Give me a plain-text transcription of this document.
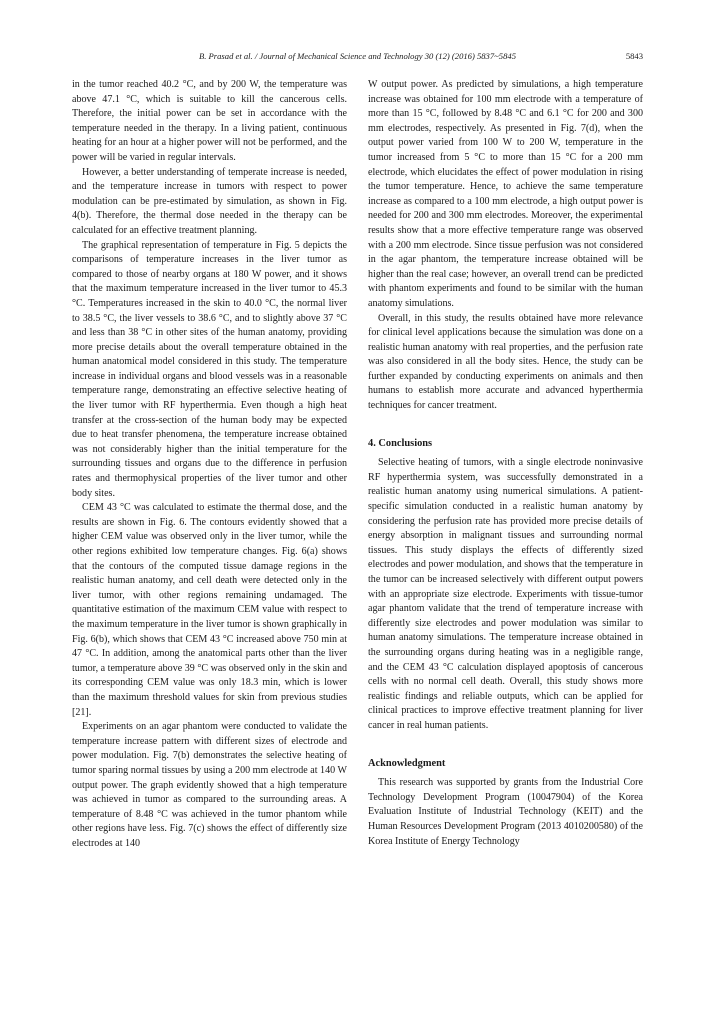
B. Prasad et al. / Journal of Mechanical Science and Technology 30 (12) (2016) 5837~5845	5843

in the tumor reached 40.2 °C, and by 200 W, the temperature was above 47.1 °C, which is suitable to kill the cancerous cells. Therefore, the initial power can be set in accordance with the temperature needed in the therapy. In a living patient, continuous heating for an hour at a higher power will not be performed, and the power will be varied in regular intervals.

However, a better understanding of temperate increase is needed, and the temperature increase in tumors with respect to power modulation can be pre-estimated by simulation, as shown in Fig. 4(b). Therefore, the thermal dose needed in the therapy can be calculated for an effective treatment planning.

The graphical representation of temperature in Fig. 5 depicts the comparisons of temperature increases in the liver tumor as compared to those of nearby organs at 180 W power, and it shows that the maximum temperature increased in the liver tumor to 45.3 °C. Temperatures increased in the skin to 40.0 °C, the normal liver to 38.5 °C, the liver vessels to 38.6 °C, and to slightly above 37 °C and less than 38 °C in other sites of the human anatomy, providing more precise details about the overall temperature obtained in the human anatomical model considered in this study. The temperature increase in individual organs and blood vessels was in a reasonable temperature range, demonstrating an effective selective heating of the liver tumor with RF hyperthermia. Even though a high heat transfer at the cross-section of the human body may be expected due to heat transfer phenomena, the temperature increase obtained was not considerably higher than the initial temperature for the surrounding tissues and organs due to the difference in perfusion rates and thermophysical properties of the liver tumor and other body sites.

CEM 43 °C was calculated to estimate the thermal dose, and the results are shown in Fig. 6. The contours evidently showed that a higher CEM value was observed only in the liver tumor, while the other regions exhibited low temperature changes. Fig. 6(a) shows that the contours of the computed tissue damage regions in the realistic human anatomy, and cell death were detected only in the liver tumor, with other regions remaining undamaged. The quantitative estimation of the maximum CEM value with respect to the maximum temperature in the liver tumor is shown graphically in Fig. 6(b), which shows that CEM 43 °C increased above 750 min at 47 °C. In addition, among the anatomical parts other than the liver tumor, a temperature above 39 °C was observed only in the skin and its corresponding CEM value was only 18.3 min, which is lower than the maximum threshold values for skin from previous studies [21].

Experiments on an agar phantom were conducted to validate the temperature increase pattern with different sizes of electrode and power modulation. Fig. 7(b) demonstrates the selective heating of tumor sparing normal tissues by using a 200 mm electrode at 140 W output power. The graph evidently showed that a high temperature was achieved in tumor as compared to the surrounding areas. A temperature of 8.48 °C was achieved in the tumor phantom while other regions have less. Fig. 7(c) shows the effect of differently size electrodes at 140

W output power. As predicted by simulations, a high temperature increase was obtained for 100 mm electrode with a temperature of more than 15 °C, followed by 8.48 °C and 6.1 °C for 200 and 300 mm electrodes, respectively. As presented in Fig. 7(d), when the output power varied from 100 W to 200 W, temperature in the tumor increased from 5 °C to more than 15 °C for a 200 mm electrode, which elucidates the effect of power modulation in rising the tumor temperature. Hence, to achieve the same temperature increase as compared to a 100 mm electrode, a high output power is needed for 200 and 300 mm electrodes. Moreover, the experimental results show that a more effective temperature range was observed with a 200 mm electrode. Since tissue perfusion was not considered in the agar phantom, the temperature increase obtained will be higher than the real case; however, an overall trend can be predicted with phantom experiments and found to be similar with the human anatomy simulations.

Overall, in this study, the results obtained have more relevance for clinical level applications because the simulation was done on a realistic human anatomy with real properties, and the perfusion rate was also considered in all the body sites. Hence, the study can be further expanded by conducting experiments on animals and then humans to establish more accurate and advanced hyperthermia techniques for cancer treatment.

4. Conclusions

Selective heating of tumors, with a single electrode noninvasive RF hyperthermia system, was successfully demonstrated in a realistic human anatomy using numerical simulations. A patient-specific simulation conducted in a realistic human anatomy by considering the perfusion rate has provided more precise details of energy absorption in malignant tissues and surrounding normal tissues. This study displays the effects of differently sized electrodes and power modulation, and shows that the temperature in the tumor can be increased selectively with different output powers with an appropriate size electrode. Experiments with tissue-tumor agar phantom validate that the trend of temperature increase with differently size electrodes and power modulation was similar to human anatomy simulations. The temperature increase obtained in the surrounding organs during heating was in a negligible range, and the CEM 43 °C calculation displayed apoptosis of cancerous cells with no normal cell death. Overall, this study shows more realistic findings and reliable outputs, which can be applied for clinical practices to improve effective treatment planning for liver cancer in real human patients.

Acknowledgment

This research was supported by grants from the Industrial Core Technology Development Program (10047904) of the Korea Evaluation Institute of Industrial Technology (KEIT) and the Human Resources Development Program (2013 4010200580) of the Korea Institute of Energy Technology
